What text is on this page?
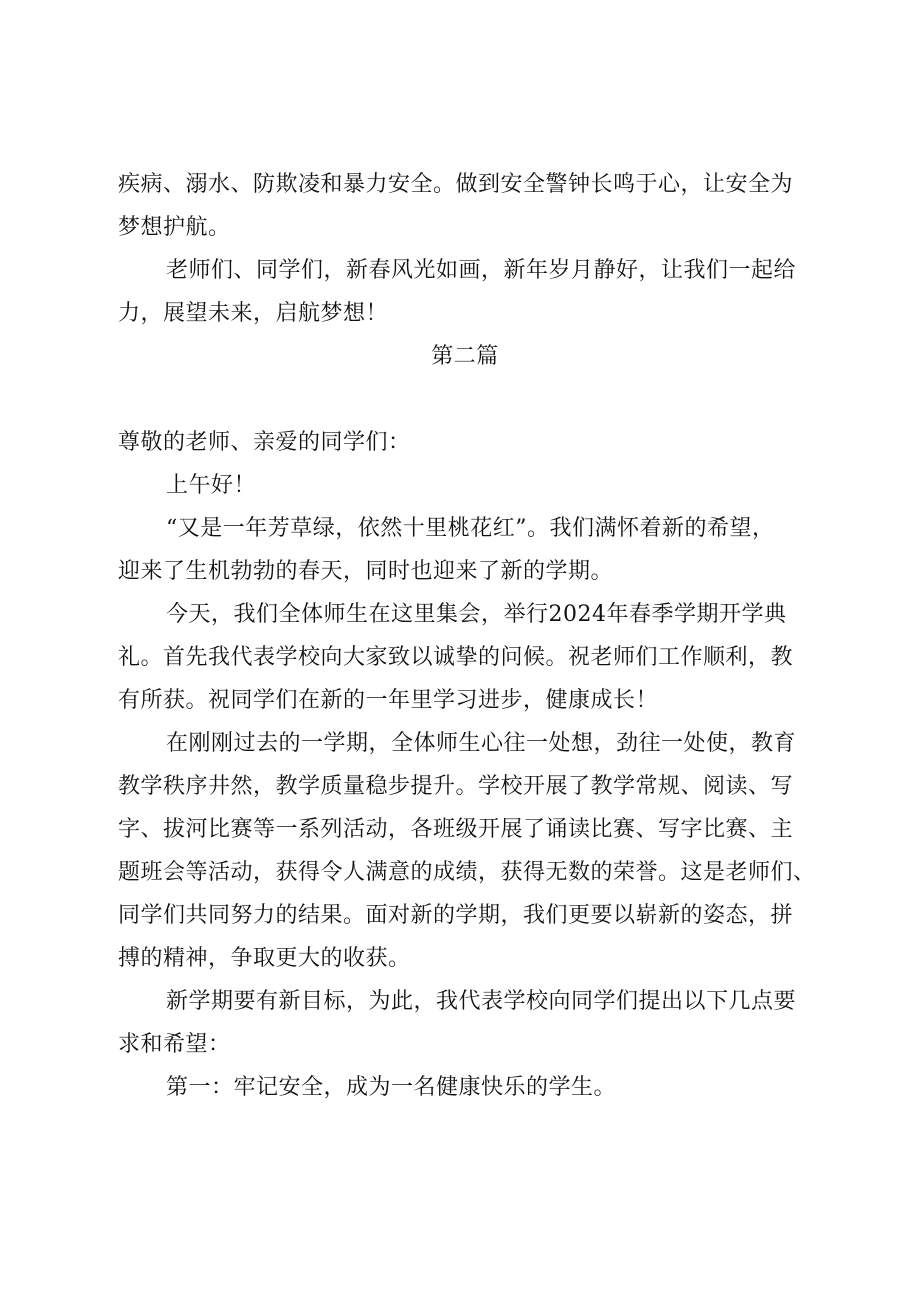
疾病、溺水、防欺凌和暴力安全。做到安全警钟长鸣于心，让安全为
梦想护航。
老师们、同学们，新春风光如画，新年岁月静好，让我们一起给
力，展望未来，启航梦想！
第二篇
尊敬的老师、亲爱的同学们：
上午好！
“又是一年芳草绿，依然十里桃花红”。我们满怀着新的希望，
迎来了生机勃勃的春天，同时也迎来了新的学期。
今天，我们全体师生在这里集会，举行2024年春季学期开学典
礼。首先我代表学校向大家致以诚挚的问候。祝老师们工作顺利，教
有所获。祝同学们在新的一年里学习进步，健康成长！
在刚刚过去的一学期，全体师生心往一处想，劲往一处使，教育
教学秩序井然，教学质量稳步提升。学校开展了教学常规、阅读、写
字、拔河比赛等一系列活动，各班级开展了诵读比赛、写字比赛、主
题班会等活动，获得令人满意的成绩，获得无数的荣誉。这是老师们、
同学们共同努力的结果。面对新的学期，我们更要以崭新的姿态，拼
搏的精神，争取更大的收获。
新学期要有新目标，为此，我代表学校向同学们提出以下几点要
求和希望：
第一：牢记安全，成为一名健康快乐的学生。
